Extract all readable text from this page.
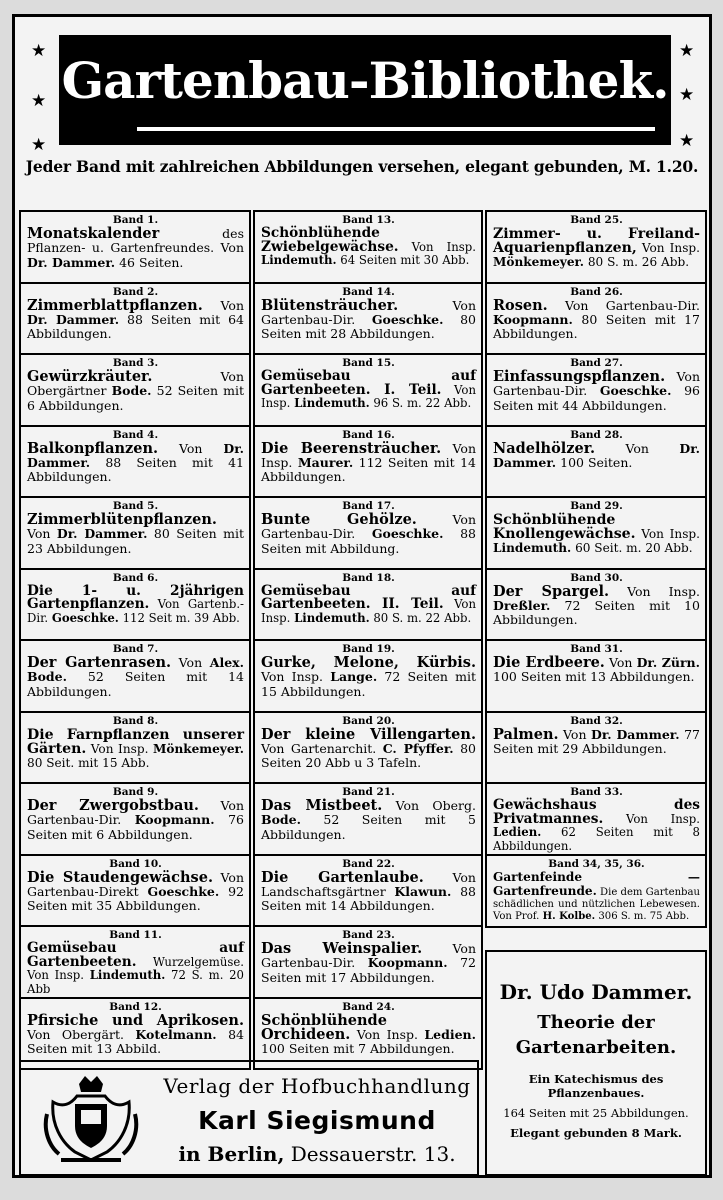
★
★
★
★
★
★
Gartenbau-Bibliothek.
Jeder Band mit zahlreichen Abbildungen versehen, elegant gebunden, M. 1.20.
Band 1.
Monatskalender des Pflanzen- u. Gartenfreundes. Von Dr. Dammer. 46 Seiten.
Band 2.
Zimmerblattpflanzen. Von Dr. Dammer. 88 Seiten mit 64 Abbildungen.
Band 3.
Gewürzkräuter. Von Obergärtner Bode. 52 Seiten mit 6 Abbildungen.
Band 4.
Balkonpflanzen. Von Dr. Dammer. 88 Seiten mit 41 Abbildungen.
Band 5.
Zimmerblütenpflanzen. Von Dr. Dammer. 80 Seiten mit 23 Abbildungen.
Band 6.
Die 1- u. 2jährigen Gartenpflanzen. Von Gartenb.-Dir. Goeschke. 112 Seit m. 39 Abb.
Band 7.
Der Gartenrasen. Von Alex. Bode. 52 Seiten mit 14 Abbildungen.
Band 8.
Die Farnpflanzen unserer Gärten. Von Insp. Mönkemeyer. 80 Seit. mit 15 Abb.
Band 9.
Der Zwergobstbau. Von Gartenbau-Dir. Koopmann. 76 Seiten mit 6 Abbildungen.
Band 10.
Die Staudengewächse. Von Gartenbau-Direkt Goeschke. 92 Seiten mit 35 Abbildungen.
Band 11.
Gemüsebau auf Gartenbeeten. Wurzelgemüse. Von Insp. Lindemuth. 72 S. m. 20 Abb
Band 12.
Pfirsiche und Aprikosen. Von Obergärt. Kotelmann. 84 Seiten mit 13 Abbild.
Band 13.
Schönblühende Zwiebelgewächse. Von Insp. Lindemuth. 64 Seiten mit 30 Abb.
Band 14.
Blütensträucher. Von Gartenbau-Dir. Goeschke. 80 Seiten mit 28 Abbildungen.
Band 15.
Gemüsebau auf Gartenbeeten. I. Teil. Von Insp. Lindemuth. 96 S. m. 22 Abb.
Band 16.
Die Beerensträucher. Von Insp. Maurer. 112 Seiten mit 14 Abbildungen.
Band 17.
Bunte Gehölze. Von Gartenbau-Dir. Goeschke. 88 Seiten mit Abbildung.
Band 18.
Gemüsebau auf Gartenbeeten. II. Teil. Von Insp. Lindemuth. 80 S. m. 22 Abb.
Band 19.
Gurke, Melone, Kürbis. Von Insp. Lange. 72 Seiten mit 15 Abbildungen.
Band 20.
Der kleine Villengarten. Von Gartenarchit. C. Pfyffer. 80 Seiten 20 Abb u 3 Tafeln.
Band 21.
Das Mistbeet. Von Oberg. Bode. 52 Seiten mit 5 Abbildungen.
Band 22.
Die Gartenlaube. Von Landschaftsgärtner Klawun. 88 Seiten mit 14 Abbildungen.
Band 23.
Das Weinspalier. Von Gartenbau-Dir. Koopmann. 72 Seiten mit 17 Abbildungen.
Band 24.
Schönblühende Orchideen. Von Insp. Ledien. 100 Seiten mit 7 Abbildungen.
Band 25.
Zimmer- u. Freiland-Aquarienpflanzen, Von Insp. Mönkemeyer. 80 S. m. 26 Abb.
Band 26.
Rosen. Von Gartenbau-Dir. Koopmann. 80 Seiten mit 17 Abbildungen.
Band 27.
Einfassungspflanzen. Von Gartenbau-Dir. Goeschke. 96 Seiten mit 44 Abbildungen.
Band 28.
Nadelhölzer. Von Dr. Dammer. 100 Seiten.
Band 29.
Schönblühende Knollengewächse. Von Insp. Lindemuth. 60 Seit. m. 20 Abb.
Band 30.
Der Spargel. Von Insp. Dreßler. 72 Seiten mit 10 Abbildungen.
Band 31.
Die Erdbeere. Von Dr. Zürn. 100 Seiten mit 13 Abbildungen.
Band 32.
Palmen. Von Dr. Dammer. 77 Seiten mit 29 Abbildungen.
Band 33.
Gewächshaus des Privatmannes. Von Insp. Ledien. 62 Seiten mit 8 Abbildungen.
Band 34, 35, 36.
Gartenfeinde — Gartenfreunde. Die dem Gartenbau schädlichen und nützlichen Lebewesen. Von Prof. H. Kolbe. 306 S. m. 75 Abb.
Dr. Udo Dammer.
Theorie der Gartenarbeiten.
Ein Katechismus des Pflanzenbaues.
164 Seiten mit 25 Abbildungen.
Elegant gebunden 8 Mark.
Verlag der Hofbuchhandlung
Karl Siegismund
in Berlin, Dessauerstr. 13.
